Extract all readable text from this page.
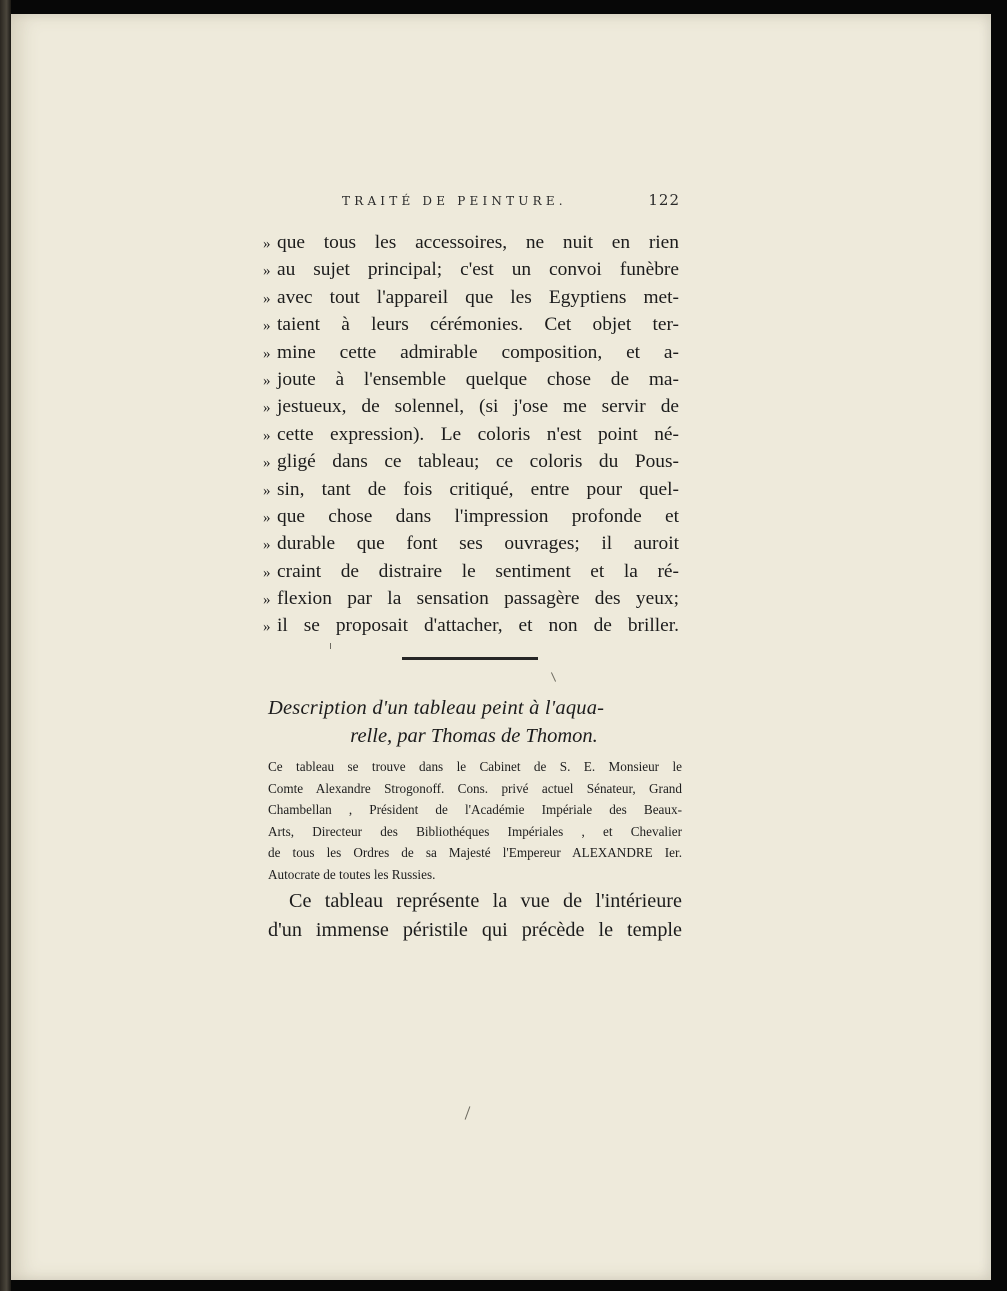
TRAITÉ DE PEINTURE.	122
» que tous les accessoires, ne nuit en rien
» au sujet principal; c'est un convoi funèbre
» avec tout l'appareil que les Egyptiens met-
» taient à leurs cérémonies. Cet objet ter-
» mine cette admirable composition, et a-
» joute à l'ensemble quelque chose de ma-
» jestueux, de solennel, (si j'ose me servir de
» cette expression). Le coloris n'est point né-
» gligé dans ce tableau; ce coloris du Pous-
» sin, tant de fois critiqué, entre pour quel-
» que chose dans l'impression profonde et
» durable que font ses ouvrages; il auroit
» craint de distraire le sentiment et la ré-
» flexion par la sensation passagère des yeux;
» il se proposait d'attacher, et non de briller.
Description d'un tableau peint à l'aqua-
relle, par Thomas de Thomon.
Ce tableau se trouve dans le Cabinet de S. E. Monsieur le
Comte Alexandre Strogonoff. Cons. privé actuel Sénateur, Grand
Chambellan , Président de l'Académie Impériale des Beaux-
Arts, Directeur des Bibliothéques Impériales , et Chevalier
de tous les Ordres de sa Majesté l'Empereur ALEXANDRE Ier.
Autocrate de toutes les Russies.
Ce tableau représente la vue de l'intérieure
d'un immense péristile qui précède le temple
